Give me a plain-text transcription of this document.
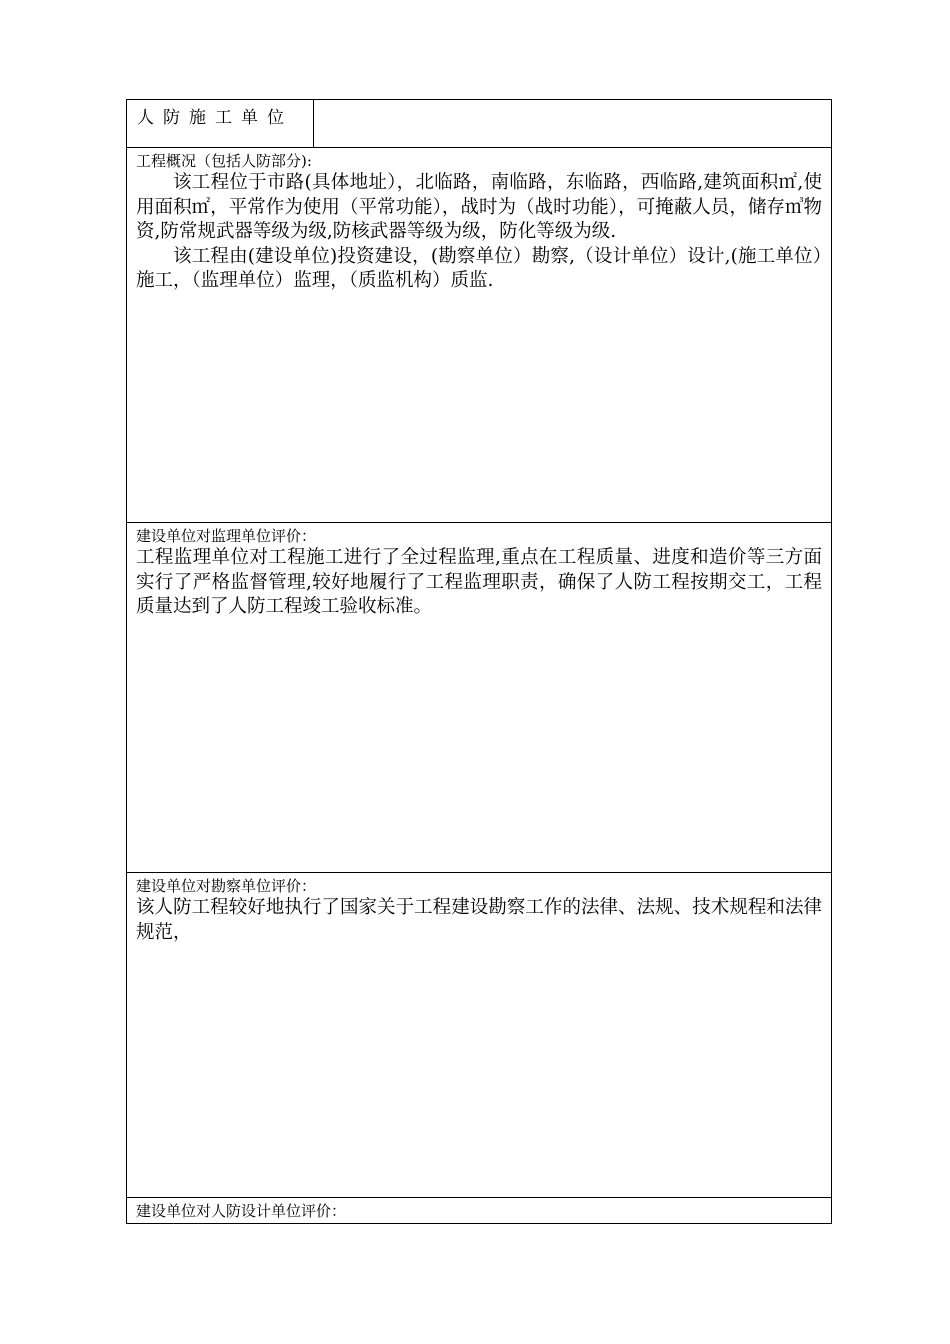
人防施工单位
工程概况（包括人防部分):

该工程位于市路(具体地址），北临路，南临路，东临路，西临路,建筑面积㎡,使用面积㎡，平常作为使用（平常功能），战时为（战时功能），可掩蔽人员，储存㎥物资,防常规武器等级为级,防核武器等级为级，防化等级为级.

该工程由(建设单位)投资建设，(勘察单位）勘察,（设计单位）设计,(施工单位）施工，（监理单位）监理，（质监机构）质监.

建设单位对监理单位评价：

工程监理单位对工程施工进行了全过程监理,重点在工程质量、进度和造价等三方面实行了严格监督管理,较好地履行了工程监理职责，确保了人防工程按期交工，工程质量达到了人防工程竣工验收标准。

建设单位对勘察单位评价：

该人防工程较好地执行了国家关于工程建设勘察工作的法律、法规、技术规程和法律规范，

建设单位对人防设计单位评价：
